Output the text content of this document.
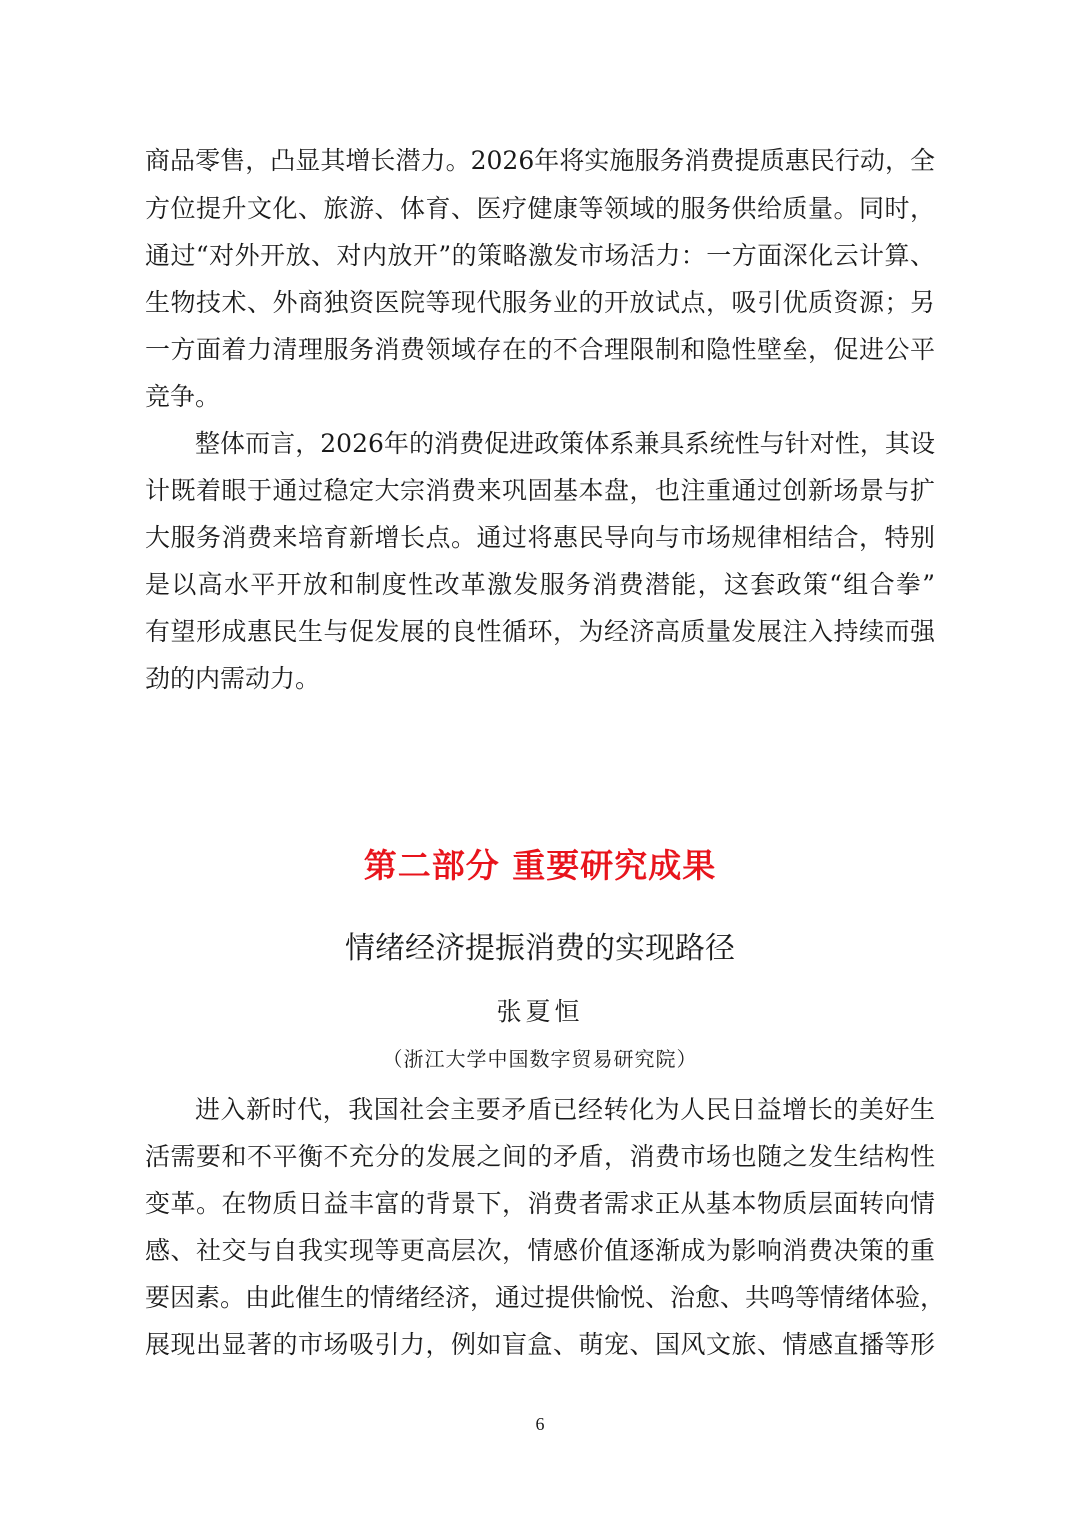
商品零售，凸显其增长潜力。2026年将实施服务消费提质惠民行动，全
方位提升文化、旅游、体育、医疗健康等领域的服务供给质量。同时，
通过“对外开放、对内放开”的策略激发市场活力：一方面深化云计算、
生物技术、外商独资医院等现代服务业的开放试点，吸引优质资源；另
一方面着力清理服务消费领域存在的不合理限制和隐性壁垒，促进公平
竞争。
整体而言，2026年的消费促进政策体系兼具系统性与针对性，其设
计既着眼于通过稳定大宗消费来巩固基本盘，也注重通过创新场景与扩
大服务消费来培育新增长点。通过将惠民导向与市场规律相结合，特别
是以高水平开放和制度性改革激发服务消费潜能，这套政策“组合拳”
有望形成惠民生与促发展的良性循环，为经济高质量发展注入持续而强
劲的内需动力。
第二部分 重要研究成果
情绪经济提振消费的实现路径
张夏恒
（浙江大学中国数字贸易研究院）
进入新时代，我国社会主要矛盾已经转化为人民日益增长的美好生
活需要和不平衡不充分的发展之间的矛盾，消费市场也随之发生结构性
变革。在物质日益丰富的背景下，消费者需求正从基本物质层面转向情
感、社交与自我实现等更高层次，情感价值逐渐成为影响消费决策的重
要因素。由此催生的情绪经济，通过提供愉悦、治愈、共鸣等情绪体验，
展现出显著的市场吸引力，例如盲盒、萌宠、国风文旅、情感直播等形
6
